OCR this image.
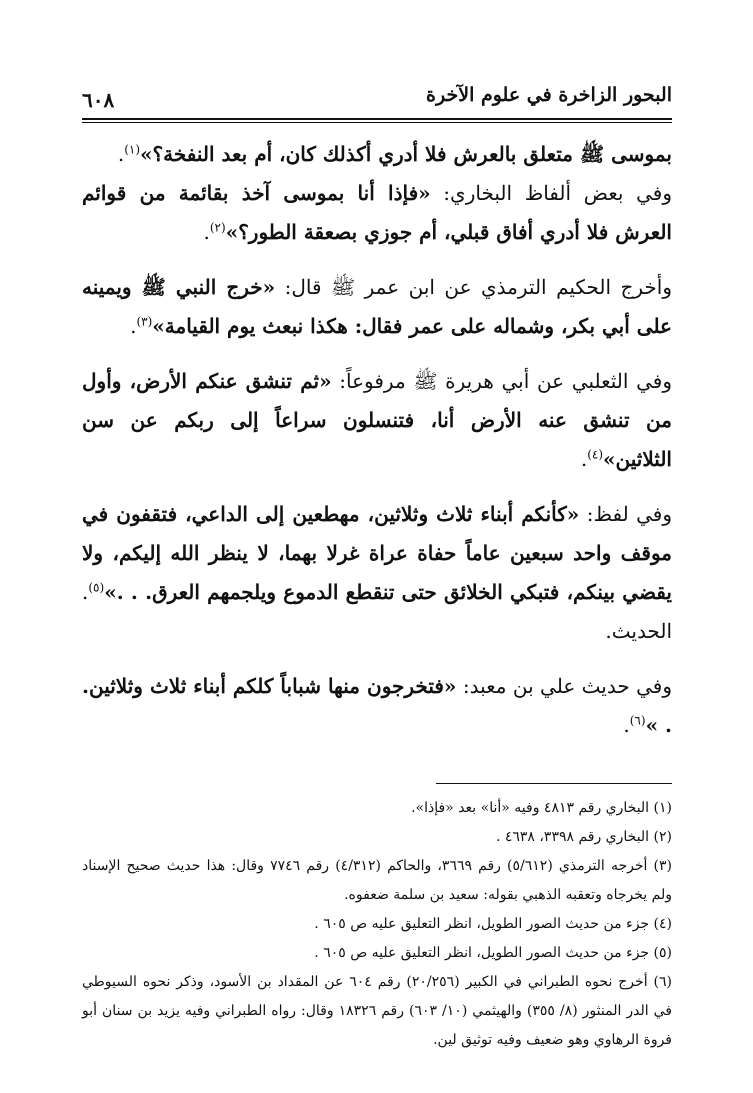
البحور الزاخرة في علوم الآخرة
٦٠٨

بموسى ﷺ متعلق بالعرش فلا أدري أكذلك كان، أم بعد النفخة؟»$^{(١)}$.
وفي بعض ألفاظ البخاري: «فإذا أنا بموسى آخذ بقائمة من قوائم العرش فلا أدري أفاق قبلي، أم جوزي بصعقة الطور؟»$^{(٢)}$.

وأخرج الحكيم الترمذي عن ابن عمر ﷺ قال: «خرج النبي ﷺ ويمينه على أبي بكر، وشماله على عمر فقال: هكذا نبعث يوم القيامة»$^{(٣)}$.

وفي الثعلبي عن أبي هريرة ﷺ مرفوعاً: «ثم تنشق عنكم الأرض، وأول من تنشق عنه الأرض أنا، فتنسلون سراعاً إلى ربكم عن سن الثلاثين»$^{(٤)}$.

وفي لفظ: «كأنكم أبناء ثلاث وثلاثين، مهطعين إلى الداعي، فتقفون في موقف واحد سبعين عاماً حفاة عراة غرلا بهما، لا ينظر الله إليكم، ولا يقضي بينكم، فتبكي الخلائق حتى تنقطع الدموع ويلجمهم العرق. . .»$^{(٥)}$. الحديث.

وفي حديث علي بن معبد: «فتخرجون منها شباباً كلكم أبناء ثلاث وثلاثين. . »$^{(٦)}$.

(١) البخاري رقم ٤٨١٣ وفيه «أنا» بعد «فإذا».

(٢) البخاري رقم ٣٣٩٨، ٤٦٣٨ .

(٣) أخرجه الترمذي (٥/٦١٢) رقم ٣٦٦٩، والحاكم (٤/٣١٢) رقم ٧٧٤٦ وقال: هذا حديث صحيح الإسناد ولم يخرجاه وتعقبه الذهبي بقوله: سعيد بن سلمة ضعفوه.

(٤) جزء من حديث الصور الطويل، انظر التعليق عليه ص ٦٠٥ .

(٥) جزء من حديث الصور الطويل، انظر التعليق عليه ص ٦٠٥ .

(٦) أخرج نحوه الطبراني في الكبير (٢٠/٢٥٦) رقم ٦٠٤ عن المقداد بن الأسود، وذكر نحوه السيوطي في الدر المنثور (٨/ ٣٥٥) والهيثمي (١٠/ ٦٠٣) رقم ١٨٣٢٦ وقال: رواه الطبراني وفيه يزيد بن سنان أبو فروة الرهاوي وهو ضعيف وفيه توثيق لين.
